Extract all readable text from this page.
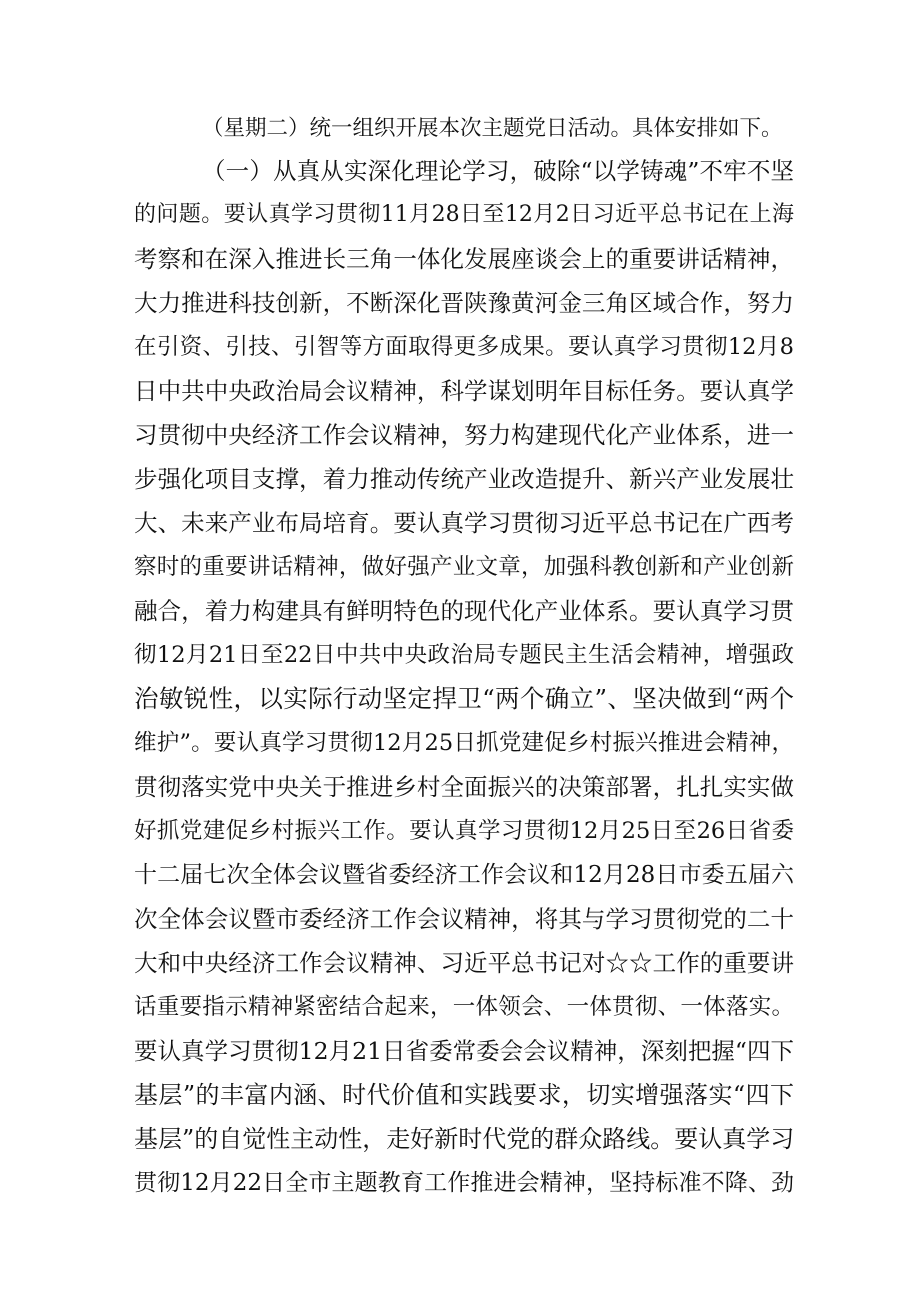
（星期二）统一组织开展本次主题党日活动。具体安排如下。
（一）从真从实深化理论学习，破除“以学铸魂”不牢不坚
的问题。要认真学习贯彻11月28日至12月2日习近平总书记在上海
考察和在深入推进长三角一体化发展座谈会上的重要讲话精神，
大力推进科技创新，不断深化晋陕豫黄河金三角区域合作，努力
在引资、引技、引智等方面取得更多成果。要认真学习贯彻12月8
日中共中央政治局会议精神，科学谋划明年目标任务。要认真学
习贯彻中央经济工作会议精神，努力构建现代化产业体系，进一
步强化项目支撑，着力推动传统产业改造提升、新兴产业发展壮
大、未来产业布局培育。要认真学习贯彻习近平总书记在广西考
察时的重要讲话精神，做好强产业文章，加强科教创新和产业创新
融合，着力构建具有鲜明特色的现代化产业体系。要认真学习贯
彻12月21日至22日中共中央政治局专题民主生活会精神，增强政
治敏锐性，以实际行动坚定捍卫“两个确立”、坚决做到“两个
维护”。要认真学习贯彻12月25日抓党建促乡村振兴推进会精神，
贯彻落实党中央关于推进乡村全面振兴的决策部署，扎扎实实做
好抓党建促乡村振兴工作。要认真学习贯彻12月25日至26日省委
十二届七次全体会议暨省委经济工作会议和12月28日市委五届六
次全体会议暨市委经济工作会议精神，将其与学习贯彻党的二十
大和中央经济工作会议精神、习近平总书记对☆☆工作的重要讲
话重要指示精神紧密结合起来，一体领会、一体贯彻、一体落实。
要认真学习贯彻12月21日省委常委会会议精神，深刻把握“四下
基层”的丰富内涵、时代价值和实践要求，切实增强落实“四下
基层”的自觉性主动性，走好新时代党的群众路线。要认真学习
贯彻12月22日全市主题教育工作推进会精神，坚持标准不降、劲
